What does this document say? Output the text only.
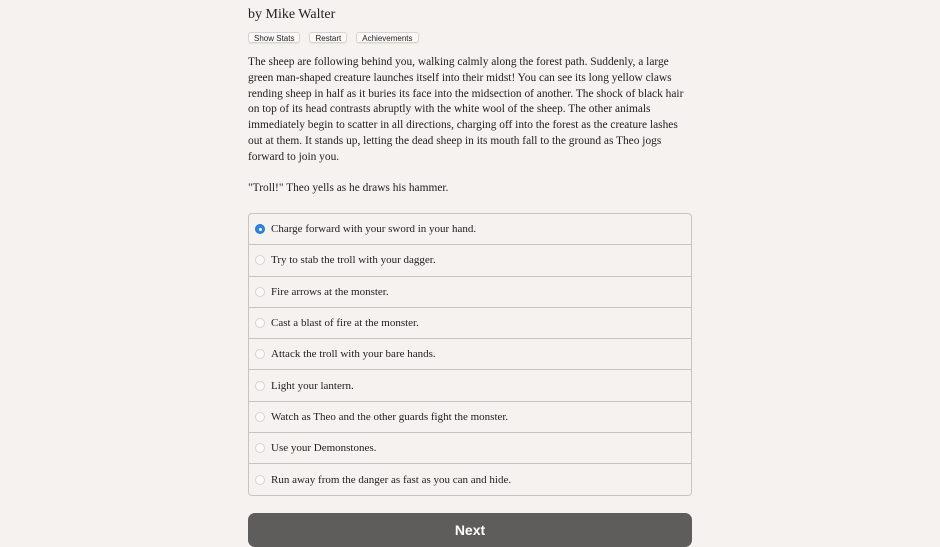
by Mike Walter
Show Stats	Restart	Achievements

The sheep are following behind you, walking calmly along the forest path. Suddenly, a large green man-shaped creature launches itself into their midst! You can see its long yellow claws rending sheep in half as it buries its face into the midsection of another. The shock of black hair on top of its head contrasts abruptly with the white wool of the sheep. The other animals immediately begin to scatter in all directions, charging off into the forest as the creature lashes out at them. It stands up, letting the dead sheep in its mouth fall to the ground as Theo jogs forward to join you.

"Troll!" Theo yells as he draws his hammer.

Charge forward with your sword in your hand.
Try to stab the troll with your dagger.
Fire arrows at the monster.
Cast a blast of fire at the monster.
Attack the troll with your bare hands.
Light your lantern.
Watch as Theo and the other guards fight the monster.
Use your Demonstones.
Run away from the danger as fast as you can and hide.
Next
